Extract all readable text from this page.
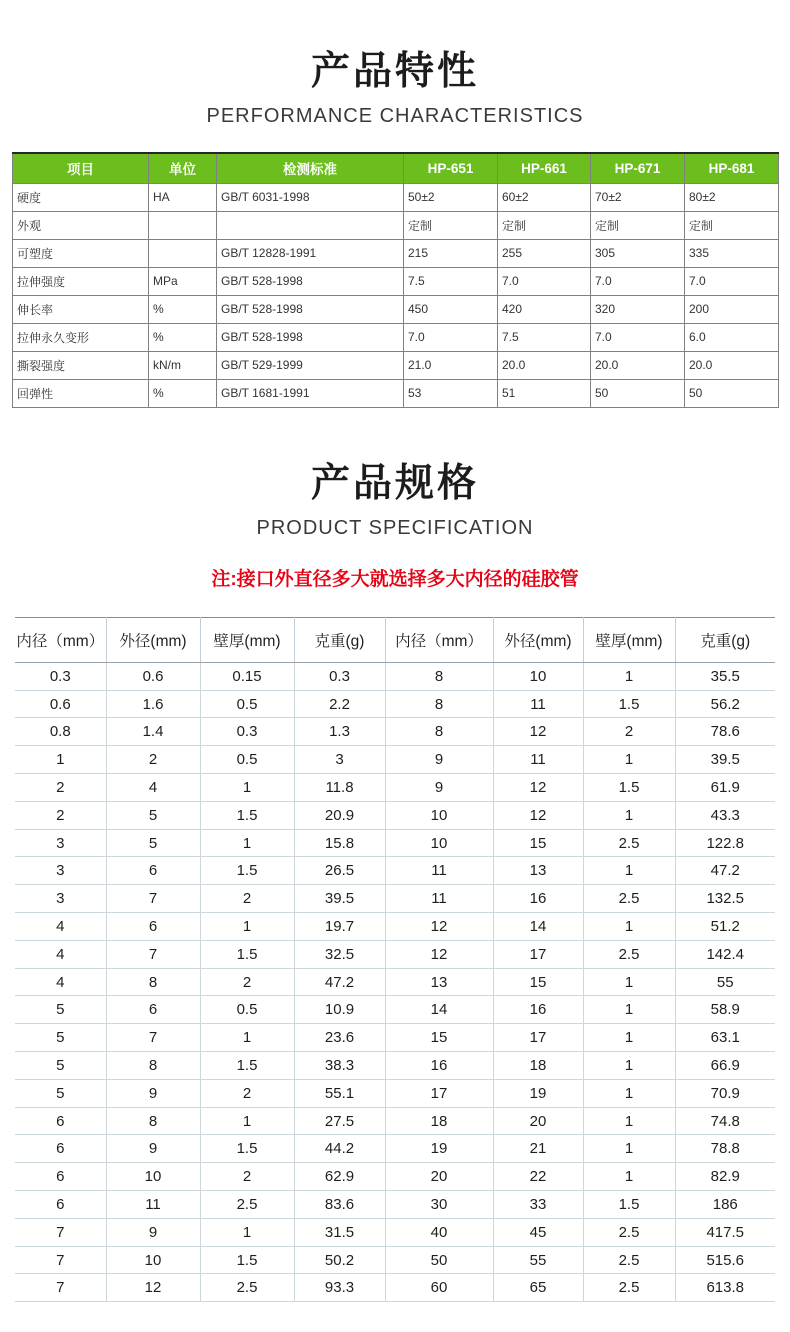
产品特性
PERFORMANCE CHARACTERISTICS
项目	单位	检测标准	HP-651	HP-661	HP-671	HP-681
硬度	HA	GB/T 6031-1998	50±2	60±2	70±2	80±2
外观			定制	定制	定制	定制
可塑度		GB/T 12828-1991	215	255	305	335
拉伸强度	MPa	GB/T 528-1998	7.5	7.0	7.0	7.0
伸长率	%	GB/T 528-1998	450	420	320	200
拉伸永久变形	%	GB/T 528-1998	7.0	7.5	7.0	6.0
撕裂强度	kN/m	GB/T 529-1999	21.0	20.0	20.0	20.0
回弹性	%	GB/T 1681-1991	53	51	50	50
产品规格
PRODUCT SPECIFICATION
注:接口外直径多大就选择多大内径的硅胶管
内径（mm）	外径(mm)	壁厚(mm)	克重(g)	内径（mm）	外径(mm)	壁厚(mm)	克重(g)
0.3	0.6	0.15	0.3	8	10	1	35.5
0.6	1.6	0.5	2.2	8	11	1.5	56.2
0.8	1.4	0.3	1.3	8	12	2	78.6
1	2	0.5	3	9	11	1	39.5
2	4	1	11.8	9	12	1.5	61.9
2	5	1.5	20.9	10	12	1	43.3
3	5	1	15.8	10	15	2.5	122.8
3	6	1.5	26.5	11	13	1	47.2
3	7	2	39.5	11	16	2.5	132.5
4	6	1	19.7	12	14	1	51.2
4	7	1.5	32.5	12	17	2.5	142.4
4	8	2	47.2	13	15	1	55
5	6	0.5	10.9	14	16	1	58.9
5	7	1	23.6	15	17	1	63.1
5	8	1.5	38.3	16	18	1	66.9
5	9	2	55.1	17	19	1	70.9
6	8	1	27.5	18	20	1	74.8
6	9	1.5	44.2	19	21	1	78.8
6	10	2	62.9	20	22	1	82.9
6	11	2.5	83.6	30	33	1.5	186
7	9	1	31.5	40	45	2.5	417.5
7	10	1.5	50.2	50	55	2.5	515.6
7	12	2.5	93.3	60	65	2.5	613.8
